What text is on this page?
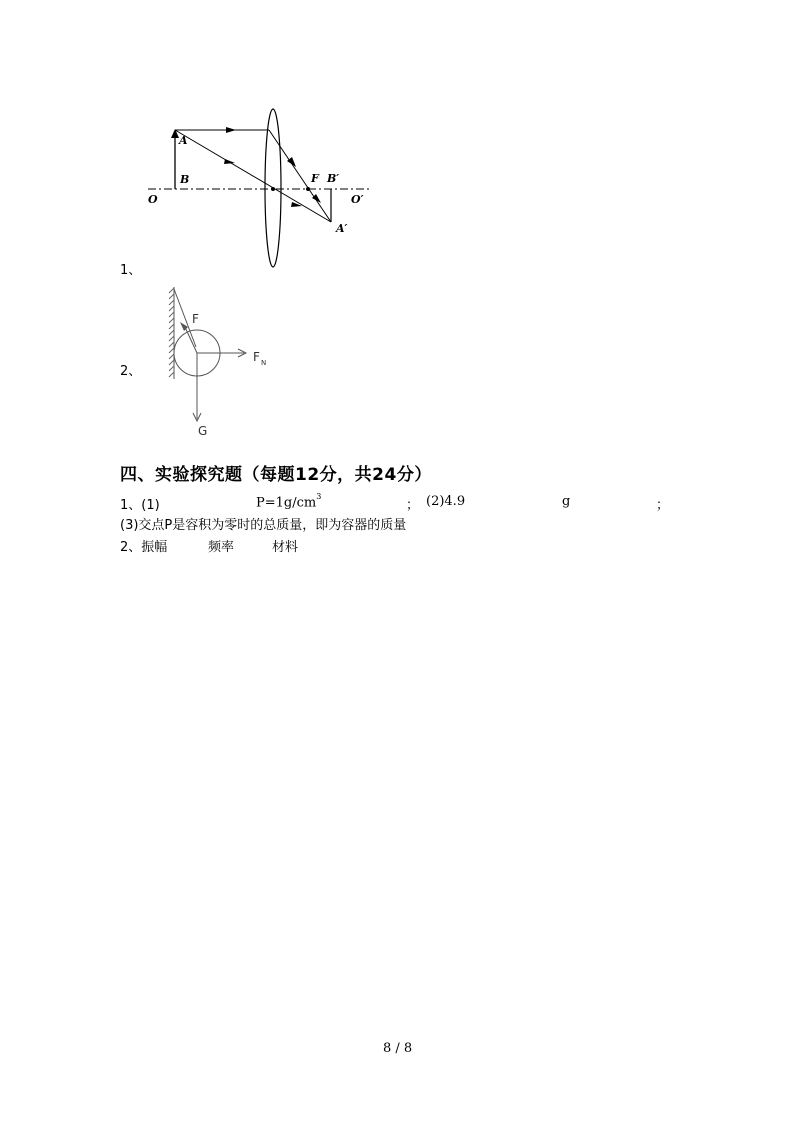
A
B
O
F B′
O′
A′
1、
F
F N
G
2、
四、实验探究题（每题12分，共24分）
1、(1)	$P=1g/cm^3$
； (2)4.9	g	；
(3)交点P是容积为零时的总质量，即为容器的质量
2、振幅	频率	材料
8 / 8
